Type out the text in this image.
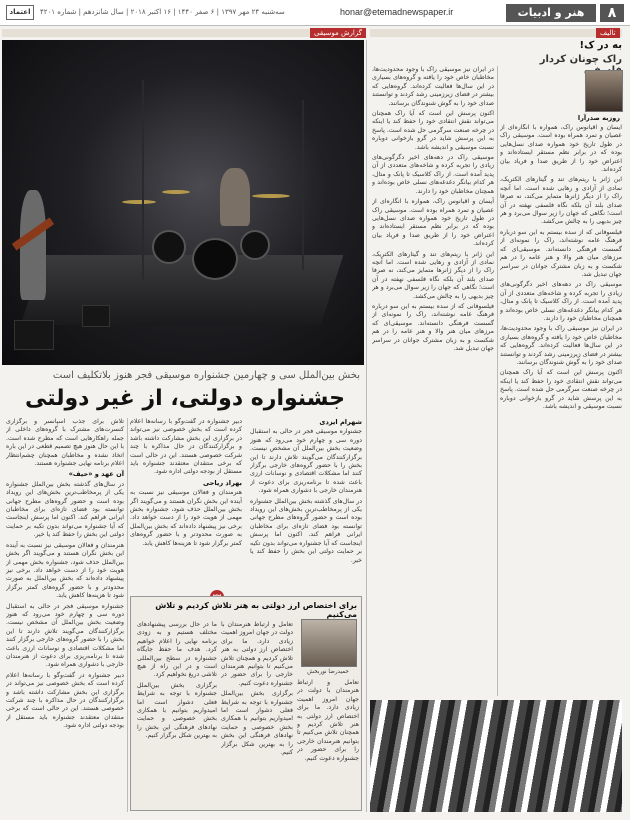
۸
هنر و ادبیات
honar@etemadnewspaper.ir
سه‌شنبه ۲۴ مهر ۱۳۹۷ | ۶ صفر ۱۴۴۰ | ۱۶ اکتبر ۲۰۱۸ | سال شانزدهم | شماره ۴۲۰۱
اعتماد
گزارش موسیقی	تالیف
بخش بین‌الملل سی و چهارمین جشنواره موسیقی فجر هنوز بلاتکلیف است
جشنواره دولتی، از غیر دولتی

شهرام ایزدی

جشنواره موسیقی فجر در حالی به استقبال دوره سی و چهارم خود می‌رود که هنوز وضعیت بخش بین‌الملل آن مشخص نیست. برگزارکنندگان می‌گویند تلاش دارند تا این بخش را با حضور گروه‌های خارجی برگزار کنند اما مشکلات اقتصادی و نوسانات ارزی باعث شده تا برنامه‌ریزی برای دعوت از هنرمندان خارجی با دشواری همراه شود.

در سال‌های گذشته بخش بین‌الملل جشنواره یکی از پرمخاطب‌ترین بخش‌های این رویداد بوده است و حضور گروه‌های مطرح جهانی توانسته بود فضای تازه‌ای برای مخاطبان ایرانی فراهم کند. اکنون اما پرسش اینجاست که آیا جشنواره می‌تواند بدون تکیه بر حمایت دولتی این بخش را حفظ کند یا خیر.

دبیر جشنواره در گفت‌وگو با رسانه‌ها اعلام کرده است که بخش خصوصی نیز می‌تواند در برگزاری این بخش مشارکت داشته باشد و برگزارکنندگان در حال مذاکره با چند شرکت خصوصی هستند. این در حالی است که برخی منتقدان معتقدند جشنواره باید مستقل از بودجه دولتی اداره شود.

بهراد ریاحی

هنرمندان و فعالان موسیقی نیز نسبت به آینده این بخش نگران هستند و می‌گویند اگر بخش بین‌الملل حذف شود، جشنواره بخش مهمی از هویت خود را از دست خواهد داد. برخی نیز پیشنهاد داده‌اند که بخش بین‌الملل به صورت محدودتر و با حضور گروه‌های کمتر برگزار شود تا هزینه‌ها کاهش یابد.

تلاش برای جذب اسپانسر و برگزاری کنسرت‌های مشترک با گروه‌های داخلی از جمله راهکارهایی است که مطرح شده است. با این حال هنوز هیچ تصمیم قطعی در این باره اتخاذ نشده و مخاطبان همچنان چشم‌انتظار اعلام برنامه نهایی جشنواره هستند.

آن عهد و «حیف»

در سال‌های گذشته بخش بین‌الملل جشنواره یکی از پرمخاطب‌ترین بخش‌های این رویداد بوده است و حضور گروه‌های مطرح جهانی توانسته بود فضای تازه‌ای برای مخاطبان ایرانی فراهم کند. اکنون اما پرسش اینجاست که آیا جشنواره می‌تواند بدون تکیه بر حمایت دولتی این بخش را حفظ کند یا خیر.

هنرمندان و فعالان موسیقی نیز نسبت به آینده این بخش نگران هستند و می‌گویند اگر بخش بین‌الملل حذف شود، جشنواره بخش مهمی از هویت خود را از دست خواهد داد. برخی نیز پیشنهاد داده‌اند که بخش بین‌الملل به صورت محدودتر و با حضور گروه‌های کمتر برگزار شود تا هزینه‌ها کاهش یابد.

جشنواره موسیقی فجر در حالی به استقبال دوره سی و چهارم خود می‌رود که هنوز وضعیت بخش بین‌الملل آن مشخص نیست. برگزارکنندگان می‌گویند تلاش دارند تا این بخش را با حضور گروه‌های خارجی برگزار کنند اما مشکلات اقتصادی و نوسانات ارزی باعث شده تا برنامه‌ریزی برای دعوت از هنرمندان خارجی با دشواری همراه شود.

دبیر جشنواره در گفت‌وگو با رسانه‌ها اعلام کرده است که بخش خصوصی نیز می‌تواند در برگزاری این بخش مشارکت داشته باشد و برگزارکنندگان در حال مذاکره با چند شرکت خصوصی هستند. این در حالی است که برخی منتقدان معتقدند جشنواره باید مستقل از بودجه دولتی اداره شود.

برای اختصاص ارز دولتی به هنر تلاش کردیم و تلاش می‌کنیم
حمیدرضا نوربخش

تعامل و ارتباط هنرمندان با دولت در جهان امروز اهمیت زیادی دارد. ما برای اختصاص ارز دولتی به هنر تلاش کردیم و همچنان تلاش می‌کنیم تا بتوانیم هنرمندان خارجی را برای حضور در جشنواره دعوت کنیم.

برگزاری بخش بین‌الملل جشنواره با توجه به شرایط فعلی دشوار است اما امیدواریم بتوانیم با همکاری بخش خصوصی و حمایت نهادهای فرهنگی این بخش را به بهترین شکل برگزار کنیم.

ما در حال بررسی پیشنهادهای مختلف هستیم و به زودی برنامه نهایی را اعلام خواهیم کرد. هدف ما حفظ جایگاه جشنواره در سطح بین‌المللی است و در این راه از هیچ تلاشی دریغ نخواهیم کرد.

برگزاری بخش بین‌الملل جشنواره با توجه به شرایط فعلی دشوار است اما امیدواریم بتوانیم با همکاری بخش خصوصی و حمایت نهادهای فرهنگی این بخش را به بهترین شکل برگزار کنیم.

تعامل و ارتباط هنرمندان با دولت در جهان امروز اهمیت زیادی دارد. ما برای اختصاص ارز دولتی به هنر تلاش کردیم و همچنان تلاش می‌کنیم تا بتوانیم هنرمندان خارجی را برای حضور در جشنواره دعوت کنیم.

به در ک!
راک چونان کردار
روزبه صدرآرا

آیسان و اقیانوس راک، همواره با انگاره‌ای از عصیان و تمرد همراه بوده است. موسیقی راک در طول تاریخ خود همواره صدای نسل‌هایی بوده که در برابر نظم مستقر ایستاده‌اند و اعتراض خود را از طریق صدا و فریاد بیان کرده‌اند.

این ژانر با ریتم‌های تند و گیتارهای الکتریک، نمادی از آزادی و رهایی شده است. اما آنچه راک را از دیگر ژانرها متمایز می‌کند، نه صرفا صدای بلند آن بلکه نگاه فلسفی نهفته در آن است؛ نگاهی که جهان را زیر سوال می‌برد و هر چیز بدیهی را به چالش می‌کشد.

فیلسوفانی که از سده بیستم به این سو درباره فرهنگ عامه نوشته‌اند، راک را نمونه‌ای از گسست فرهنگی دانسته‌اند. موسیقی‌ای که مرزهای میان هنر والا و هنر عامه را در هم شکست و به زبان مشترک جوانان در سراسر جهان تبدیل شد.

موسیقی راک در دهه‌های اخیر دگرگونی‌های زیادی را تجربه کرده و شاخه‌های متعددی از آن پدید آمده است. از راک کلاسیک تا پانک و متال، هر کدام بیانگر دغدغه‌های نسلی خاص بوده‌اند و همچنان مخاطبان خود را دارند.

در ایران نیز موسیقی راک با وجود محدودیت‌ها، مخاطبان خاص خود را یافته و گروه‌های بسیاری در این سال‌ها فعالیت کرده‌اند. گروه‌هایی که بیشتر در فضای زیرزمینی رشد کردند و توانستند صدای خود را به گوش شنوندگان برسانند.

اکنون پرسش این است که آیا راک همچنان می‌تواند نقش انتقادی خود را حفظ کند یا اینکه در چرخه صنعت سرگرمی حل شده است. پاسخ به این پرسش شاید در گرو بازخوانی دوباره نسبت موسیقی و اندیشه باشد.

در ایران نیز موسیقی راک با وجود محدودیت‌ها، مخاطبان خاص خود را یافته و گروه‌های بسیاری در این سال‌ها فعالیت کرده‌اند. گروه‌هایی که بیشتر در فضای زیرزمینی رشد کردند و توانستند صدای خود را به گوش شنوندگان برسانند.

اکنون پرسش این است که آیا راک همچنان می‌تواند نقش انتقادی خود را حفظ کند یا اینکه در چرخه صنعت سرگرمی حل شده است. پاسخ به این پرسش شاید در گرو بازخوانی دوباره نسبت موسیقی و اندیشه باشد.

موسیقی راک در دهه‌های اخیر دگرگونی‌های زیادی را تجربه کرده و شاخه‌های متعددی از آن پدید آمده است. از راک کلاسیک تا پانک و متال، هر کدام بیانگر دغدغه‌های نسلی خاص بوده‌اند و همچنان مخاطبان خود را دارند.

آیسان و اقیانوس راک، همواره با انگاره‌ای از عصیان و تمرد همراه بوده است. موسیقی راک در طول تاریخ خود همواره صدای نسل‌هایی بوده که در برابر نظم مستقر ایستاده‌اند و اعتراض خود را از طریق صدا و فریاد بیان کرده‌اند.

این ژانر با ریتم‌های تند و گیتارهای الکتریک، نمادی از آزادی و رهایی شده است. اما آنچه راک را از دیگر ژانرها متمایز می‌کند، نه صرفا صدای بلند آن بلکه نگاه فلسفی نهفته در آن است؛ نگاهی که جهان را زیر سوال می‌برد و هر چیز بدیهی را به چالش می‌کشد.

فیلسوفانی که از سده بیستم به این سو درباره فرهنگ عامه نوشته‌اند، راک را نمونه‌ای از گسست فرهنگی دانسته‌اند. موسیقی‌ای که مرزهای میان هنر والا و هنر عامه را در هم شکست و به زبان مشترک جوانان در سراسر جهان تبدیل شد.
